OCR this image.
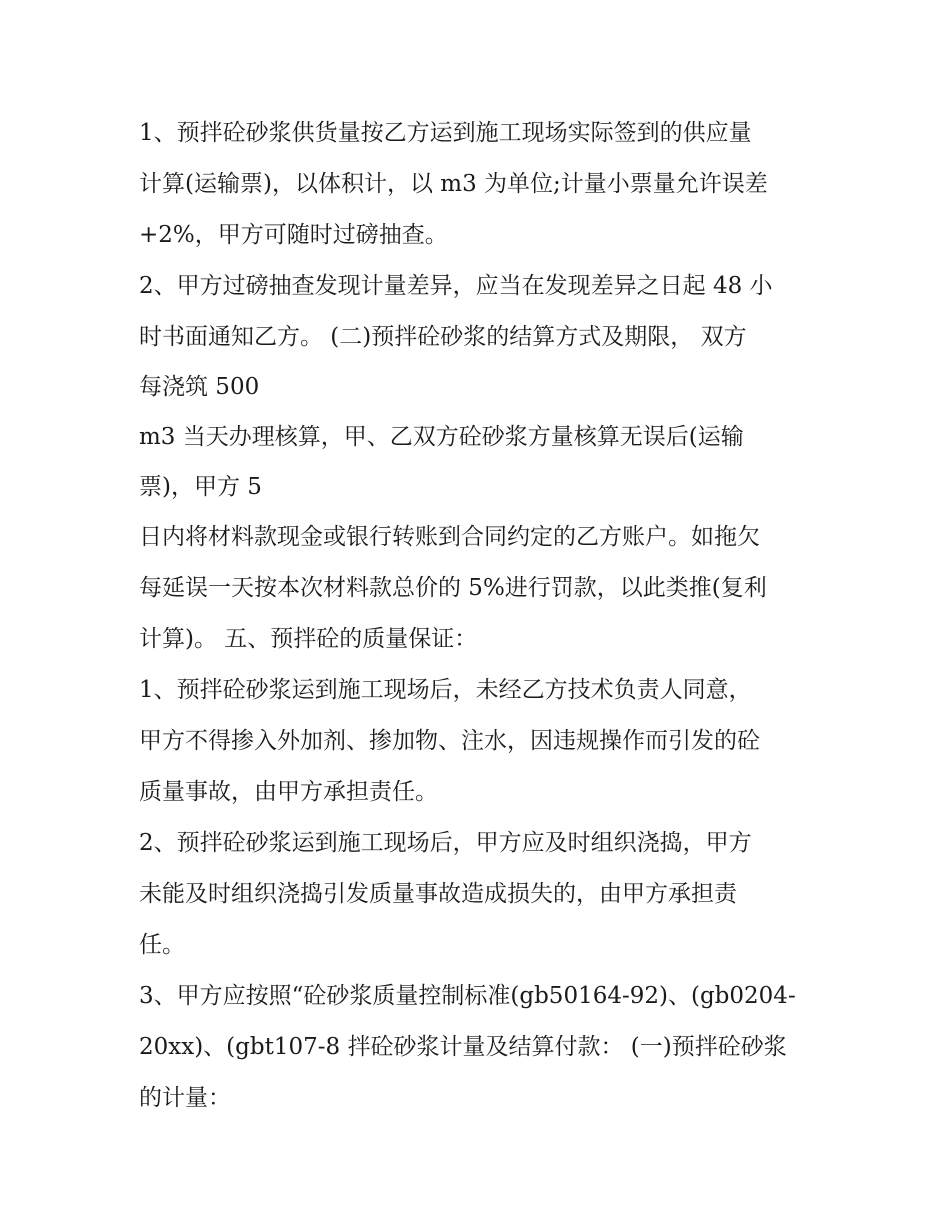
1、预拌砼砂浆供货量按乙方运到施工现场实际签到的供应量
计算(运输票)，以体积计，以 m3 为单位;计量小票量允许误差
+2%，甲方可随时过磅抽查。
2、甲方过磅抽查发现计量差异，应当在发现差异之日起 48 小
时书面通知乙方。 (二)预拌砼砂浆的结算方式及期限， 双方
每浇筑 500
m3 当天办理核算，甲、乙双方砼砂浆方量核算无误后(运输
票)，甲方 5
日内将材料款现金或银行转账到合同约定的乙方账户。如拖欠
每延误一天按本次材料款总价的 5%进行罚款，以此类推(复利
计算)。 五、预拌砼的质量保证：
1、预拌砼砂浆运到施工现场后，未经乙方技术负责人同意，
甲方不得掺入外加剂、掺加物、注水，因违规操作而引发的砼
质量事故，由甲方承担责任。
2、预拌砼砂浆运到施工现场后，甲方应及时组织浇捣，甲方
未能及时组织浇捣引发质量事故造成损失的，由甲方承担责
任。
3、甲方应按照“砼砂浆质量控制标准(gb50164-92)、(gb0204-
20xx)、(gbt107-8 拌砼砂浆计量及结算付款： (一)预拌砼砂浆
的计量：
